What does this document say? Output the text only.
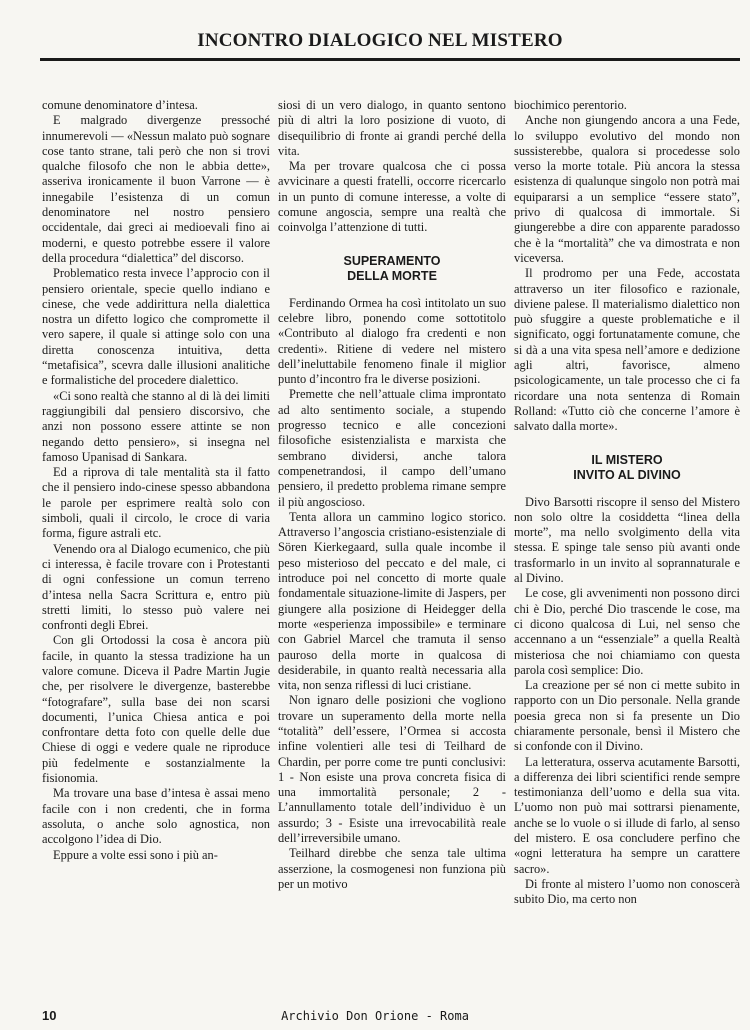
INCONTRO DIALOGICO NEL MISTERO

comune denominatore d’intesa.

E malgrado divergenze pressoché innumerevoli — «Nessun malato può sognare cose tanto strane, tali però che non si trovi qualche filosofo che non le abbia dette», asseriva ironicamente il buon Varrone — è innegabile l’esistenza di un comun denominatore nel nostro pensiero occidentale, dai greci ai medioevali fino ai moderni, e questo potrebbe essere il valore della procedura “dialettica” del discorso.

Problematico resta invece l’approcio con il pensiero orientale, specie quello indiano e cinese, che vede addirittura nella dialettica nostra un difetto logico che compromette il vero sapere, il quale si attinge solo con una diretta conoscenza intuitiva, detta “metafisica”, scevra dalle illusioni analitiche e formalistiche del procedere dialettico.

«Ci sono realtà che stanno al di là dei limiti raggiungibili dal pensiero discorsivo, che anzi non possono essere attinte se non negando detto pensiero», si insegna nel famoso Upanisad di Sankara.

Ed a riprova di tale mentalità sta il fatto che il pensiero indo-cinese spesso abbandona le parole per esprimere realtà solo con simboli, quali il circolo, le croce di varia forma, figure astrali etc.

Venendo ora al Dialogo ecumenico, che più ci interessa, è facile trovare con i Protestanti di ogni confessione un comun terreno d’intesa nella Sacra Scrittura e, entro più stretti limiti, lo stesso può valere nei confronti degli Ebrei.

Con gli Ortodossi la cosa è ancora più facile, in quanto la stessa tradizione ha un valore comune. Diceva il Padre Martin Jugie che, per risolvere le divergenze, basterebbe “fotografare”, sulla base dei non scarsi documenti, l’unica Chiesa antica e poi confrontare detta foto con quelle delle due Chiese di oggi e vedere quale ne riproduce più fedelmente e sostanzialmente la fisionomia.

Ma trovare una base d’intesa è assai meno facile con i non credenti, che in forma assoluta, o anche solo agnostica, non accolgono l’idea di Dio.

Eppure a volte essi sono i più an-

siosi di un vero dialogo, in quanto sentono più di altri la loro posizione di vuoto, di disequilibrio di fronte ai grandi perché della vita.

Ma per trovare qualcosa che ci possa avvicinare a questi fratelli, occorre ricercarlo in un punto di comune interesse, a volte di comune angoscia, sempre una realtà che coinvolga l’attenzione di tutti.

SUPERAMENTO
DELLA MORTE

Ferdinando Ormea ha così intitolato un suo celebre libro, ponendo come sottotitolo «Contributo al dialogo fra credenti e non credenti». Ritiene di vedere nel mistero dell’ineluttabile fenomeno finale il miglior punto d’incontro fra le diverse posizioni.

Premette che nell’attuale clima improntato ad alto sentimento sociale, a stupendo progresso tecnico e alle concezioni filosofiche esistenzialista e marxista che sembrano dividersi, anche talora compenetrandosi, il campo dell’umano pensiero, il predetto problema rimane sempre il più angoscioso.

Tenta allora un cammino logico storico. Attraverso l’angoscia cristiano-esistenziale di Sören Kierkegaard, sulla quale incombe il peso misterioso del peccato e del male, ci introduce poi nel concetto di morte quale fondamentale situazione-limite di Jaspers, per giungere alla posizione di Heidegger della morte «esperienza impossibile» e terminare con Gabriel Marcel che tramuta il senso pauroso della morte in qualcosa di desiderabile, in quanto realtà necessaria alla vita, non senza riflessi di luci cristiane.

Non ignaro delle posizioni che vogliono trovare un superamento della morte nella “totalità” dell’essere, l’Ormea si accosta infine volentieri alle tesi di Teilhard de Chardin, per porre come tre punti conclusivi: 1 - Non esiste una prova concreta fisica di una immortalità personale; 2 - L’annullamento totale dell’individuo è un assurdo; 3 - Esiste una irrevocabilità reale dell’irreversibile umano.

Teilhard direbbe che senza tale ultima asserzione, la cosmogenesi non funziona più per un motivo

biochimico perentorio.

Anche non giungendo ancora a una Fede, lo sviluppo evolutivo del mondo non sussisterebbe, qualora si procedesse solo verso la morte totale. Più ancora la stessa esistenza di qualunque singolo non potrà mai equipararsi a un semplice “essere stato”, privo di qualcosa di immortale. Si giungerebbe a dire con apparente paradosso che è la “mortalità” che va dimostrata e non viceversa.

Il prodromo per una Fede, accostata attraverso un iter filosofico e razionale, diviene palese. Il materialismo dialettico non può sfuggire a queste problematiche e il significato, oggi fortunatamente comune, che si dà a una vita spesa nell’amore e dedizione agli altri, favorisce, almeno psicologicamente, un tale processo che ci fa ricordare una nota sentenza di Romain Rolland: «Tutto ciò che concerne l’amore è salvato dalla morte».

IL MISTERO
INVITO AL DIVINO

Divo Barsotti riscopre il senso del Mistero non solo oltre la cosiddetta “linea della morte”, ma nello svolgimento della vita stessa. E spinge tale senso più avanti onde trasformarlo in un invito al soprannaturale e al Divino.

Le cose, gli avvenimenti non possono dirci chi è Dio, perché Dio trascende le cose, ma ci dicono qualcosa di Lui, nel senso che accennano a un “essenziale” a quella Realtà misteriosa che noi chiamiamo con questa parola così semplice: Dio.

La creazione per sé non ci mette subito in rapporto con un Dio personale. Nella grande poesia greca non si fa presente un Dio chiaramente personale, bensì il Mistero che si confonde con il Divino.

La letteratura, osserva acutamente Barsotti, a differenza dei libri scientifici rende sempre testimonianza dell’uomo e della sua vita. L’uomo non può mai sottrarsi pienamente, anche se lo vuole o si illude di farlo, al senso del mistero. E osa concludere perfino che «ogni letteratura ha sempre un carattere sacro».

Di fronte al mistero l’uomo non conoscerà subito Dio, ma certo non

10	Archivio Don Orione - Roma
